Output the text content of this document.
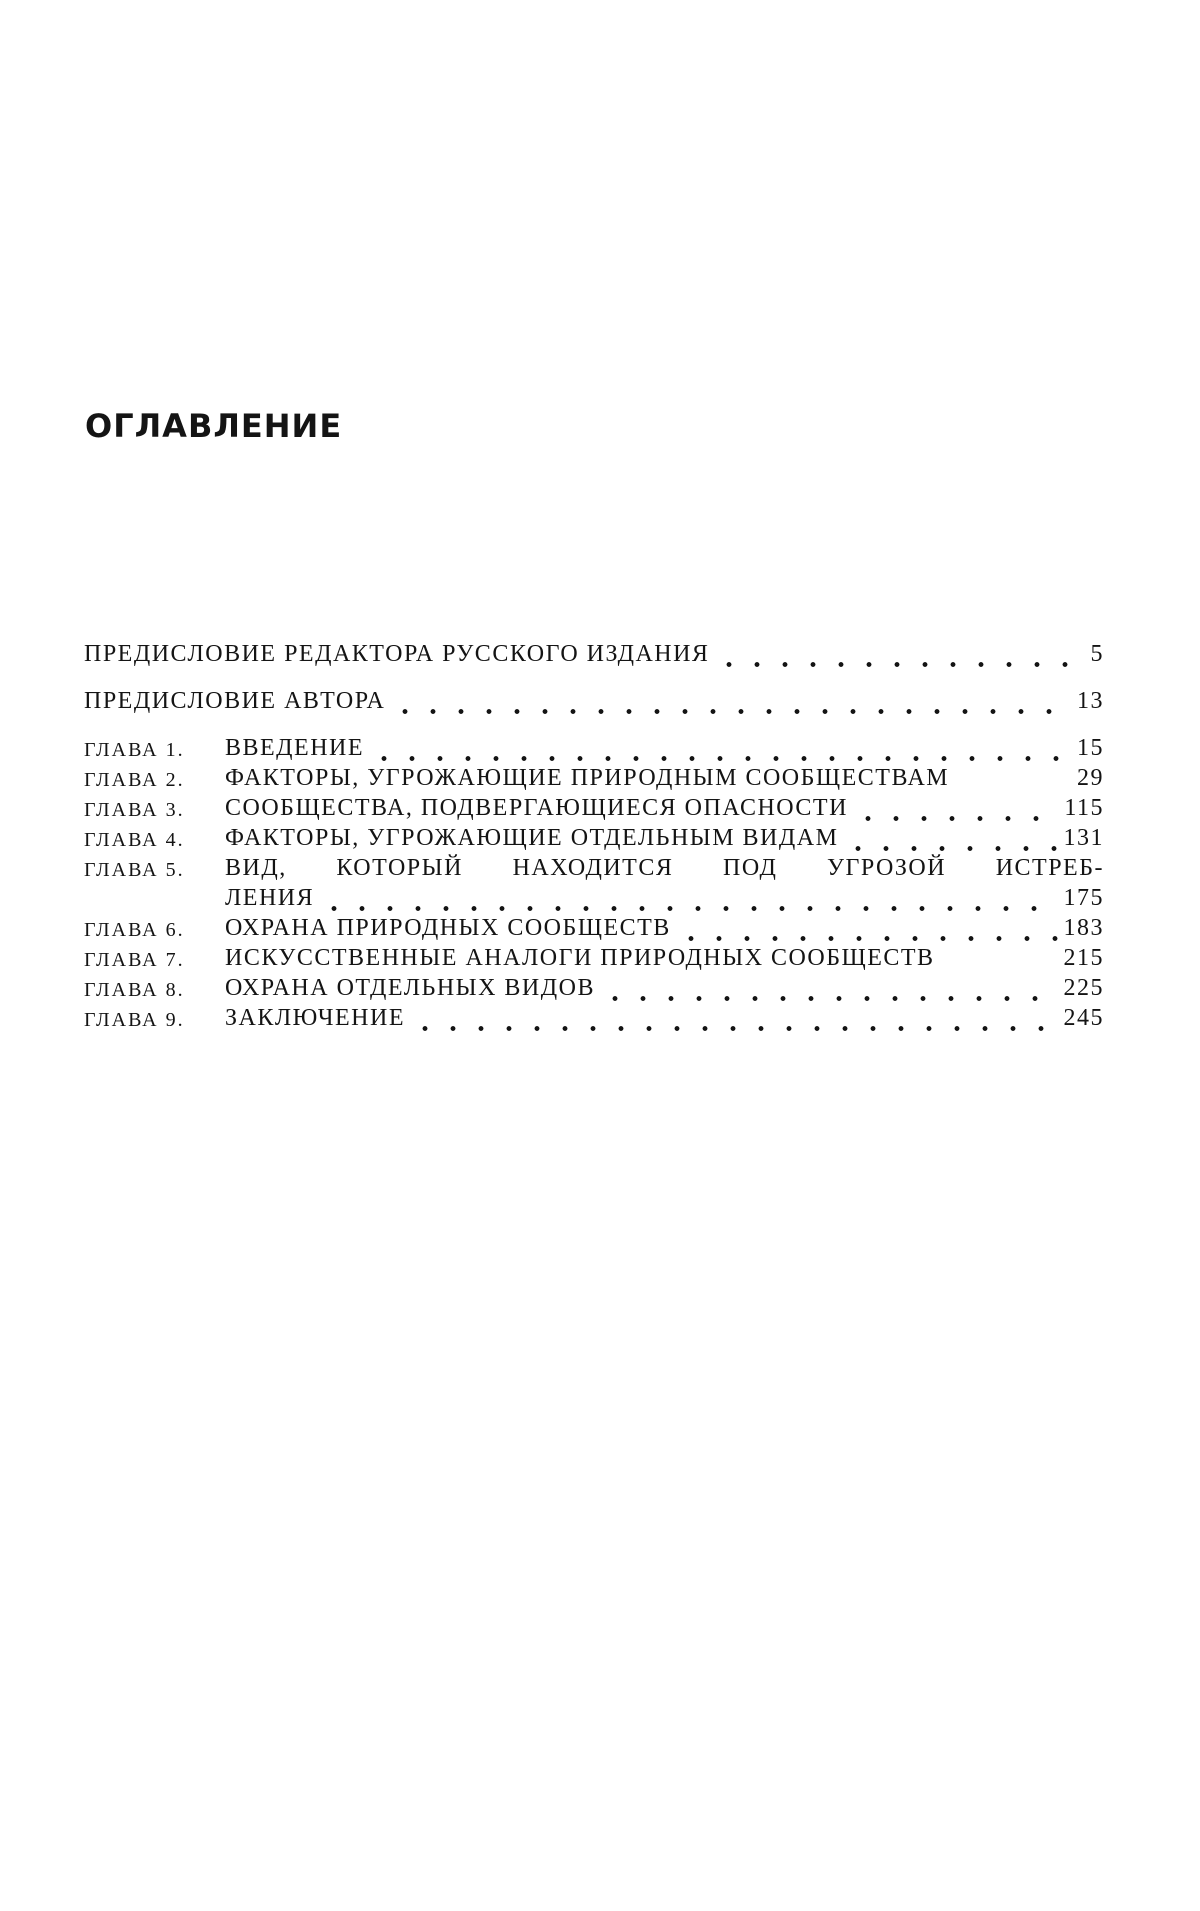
ОГЛАВЛЕНИЕ
ПРЕДИСЛОВИЕ РЕДАКТОРА РУССКОГО ИЗДАНИЯ	5
ПРЕДИСЛОВИЕ АВТОРА	13
ГЛАВА 1.	ВВЕДЕНИЕ	15
ГЛАВА 2.	ФАКТОРЫ, УГРОЖАЮЩИЕ ПРИРОДНЫМ СООБЩЕСТВАМ	29
ГЛАВА 3.	СООБЩЕСТВА, ПОДВЕРГАЮЩИЕСЯ ОПАСНОСТИ	115
ГЛАВА 4.	ФАКТОРЫ, УГРОЖАЮЩИЕ ОТДЕЛЬНЫМ ВИДАМ	131
ГЛАВА 5.	ВИД, КОТОРЫЙ НАХОДИТСЯ ПОД УГРОЗОЙ ИСТРЕБ-
ЛЕНИЯ	175
ГЛАВА 6.	ОХРАНА ПРИРОДНЫХ СООБЩЕСТВ	183
ГЛАВА 7.	ИСКУССТВЕННЫЕ АНАЛОГИ ПРИРОДНЫХ СООБЩЕСТВ	215
ГЛАВА 8.	ОХРАНА ОТДЕЛЬНЫХ ВИДОВ	225
ГЛАВА 9.	ЗАКЛЮЧЕНИЕ	245
